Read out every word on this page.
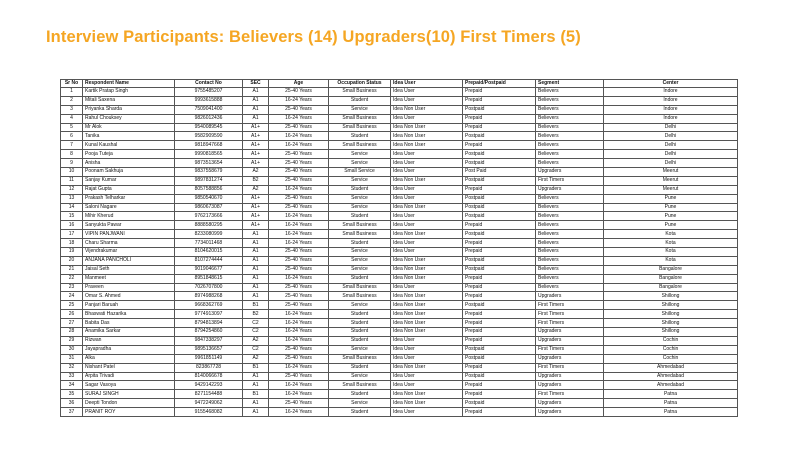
Interview Participants: Believers (14) Upgraders(10) First Timers (5)
Sr No	Respondent Name	Contact No	SEC	Age	Occupation Status	Idea User	Prepaid/Postpaid	Segment	Center
1	Kartik Pratap Singh	9755485207	A1	25-40 Years	Small Business	Idea User	Prepaid	Believers	Indore
2	Mitali Saxena	9993615888	A1	16-24 Years	Student	Idea User	Prepaid	Believers	Indore
3	Priyanka Sharda	7509041400	A1	25-40 Years	Service	Idea Non User	Postpaid	Believers	Indore
4	Rahul Chouksey	9826012436	A1	16-24 Years	Small Business	Idea User	Prepaid	Believers	Indore
5	Mr Alok	9540089545	A1+	25-40 Years	Small Business	Idea Non User	Prepaid	Believers	Delhi
6	Tanika	9582909590	A1+	16-24 Years	Student	Idea Non User	Postpaid	Believers	Delhi
7	Kunal Kaushal	9818947668	A1+	16-24 Years	Small Business	Idea Non User	Prepaid	Believers	Delhi
8	Pooja Tuteja	9990818565	A1+	25-40 Years	Service	Idea User	Postpaid	Believers	Delhi
9	Anisha	9873513654	A1+	25-40 Years	Service	Idea User	Postpaid	Believers	Delhi
10	Poonam Sakhuja	9837558679	A2	25-40 Years	Small Service	Idea User	Post Paid	Upgraders	Meerut
11	Sanjay Kumar	9897831274	B2	25-40 Years	Service	Idea Non User	Postpaid	First Timers	Meerut
12	Rajat Gupta	8057588856	A2	16-24 Years	Student	Idea User	Prepaid	Upgraders	Meerut
13	Prakash Telharkar	9850540670	A1+	25-40 Years	Service	Idea User	Postpaid	Believers	Pune
14	Saloni Nagare	9860673087	A1+	25-40 Years	Service	Idea Non User	Postpaid	Believers	Pune
15	Mihir Kherud	9762173666	A1+	16-24 Years	Student	Idea User	Postpaid	Believers	Pune
16	Sanyukta Pawar	8888580295	A1+	16-24 Years	Small Business	Idea User	Prepaid	Believers	Pune
17	VIPIN PANJWANI	8233080999	A1	16-24 Years	Small Business	Idea Non User	Postpaid	Believers	Kota
18	Charu Sharma	7734011468	A1	16-24 Years	Student	Idea User	Prepaid	Believers	Kota
19	Vijendrakumar	8104620015	A1	25-40 Years	Service	Idea User	Prepaid	Believers	Kota
20	ANJANA PANCHOLI	8107274444	A1	25-40 Years	Service	Idea Non User	Postpaid	Believers	Kota
21	Jaisal Seth	9019046677	A1	25-40 Years	Service	Idea Non User	Postpaid	Believers	Bangalore
22	Manmeet	8951848615	A1	16-24 Years	Student	Idea Non User	Prepaid	Believers	Bangalore
23	Praveen	7026707800	A1	25-40 Years	Small Business	Idea User	Prepaid	Believers	Bangalore
24	Omar S. Ahmed	8974988268	A1	25-40 Years	Small Business	Idea Non User	Prepaid	Upgraders	Shillong
25	Panjari Baruah	9668362769	B1	25-40 Years	Service	Idea Non User	Postpaid	First Timers	Shillong
26	Bhaswati Hazarika	9774913097	B2	16-24 Years	Student	Idea Non User	Prepaid	First Timers	Shillong
27	Babita Das	8794813894	C2	16-24 Years	Student	Idea Non User	Prepaid	First Timers	Shillong
28	Anamika Sarkar	8794254860	C2	16-24 Years	Student	Idea Non User	Prepaid	Upgraders	Shillong
29	Rizwan	9847338297	A2	16-24 Years	Student	Idea User	Prepaid	Upgraders	Cochin
30	Jayapradha	9895136657	C2	25-40 Years	Service	Idea User	Postpaid	First Timers	Cochin
31	Alka	9961851149	A2	25-40 Years	Small Business	Idea User	Postpaid	Upgraders	Cochin
32	Nishant Patel	823867728	B1	16-24 Years	Student	Idea Non User	Prepaid	First Timers	Ahmedabad
33	Arpita Trivadi	8140066678	A1	25-40 Years	Service	Idea User	Postpaid	Upgraders	Ahmedabad
34	Sagar Vasoya	9429142293	A1	16-24 Years	Small Business	Idea User	Prepaid	Upgraders	Ahmedabad
35	SURAJ SINGH	8271154488	B1	16-24 Years	Student	Idea Non User	Prepaid	First Timers	Patna
36	Deepti Tondon	9472249062	A1	25-40 Years	Service	Idea Non User	Postpaid	Upgraders	Patna
37	PRANIT ROY	9155468082	A1	16-24 Years	Student	Idea User	Prepaid	Upgraders	Patna
